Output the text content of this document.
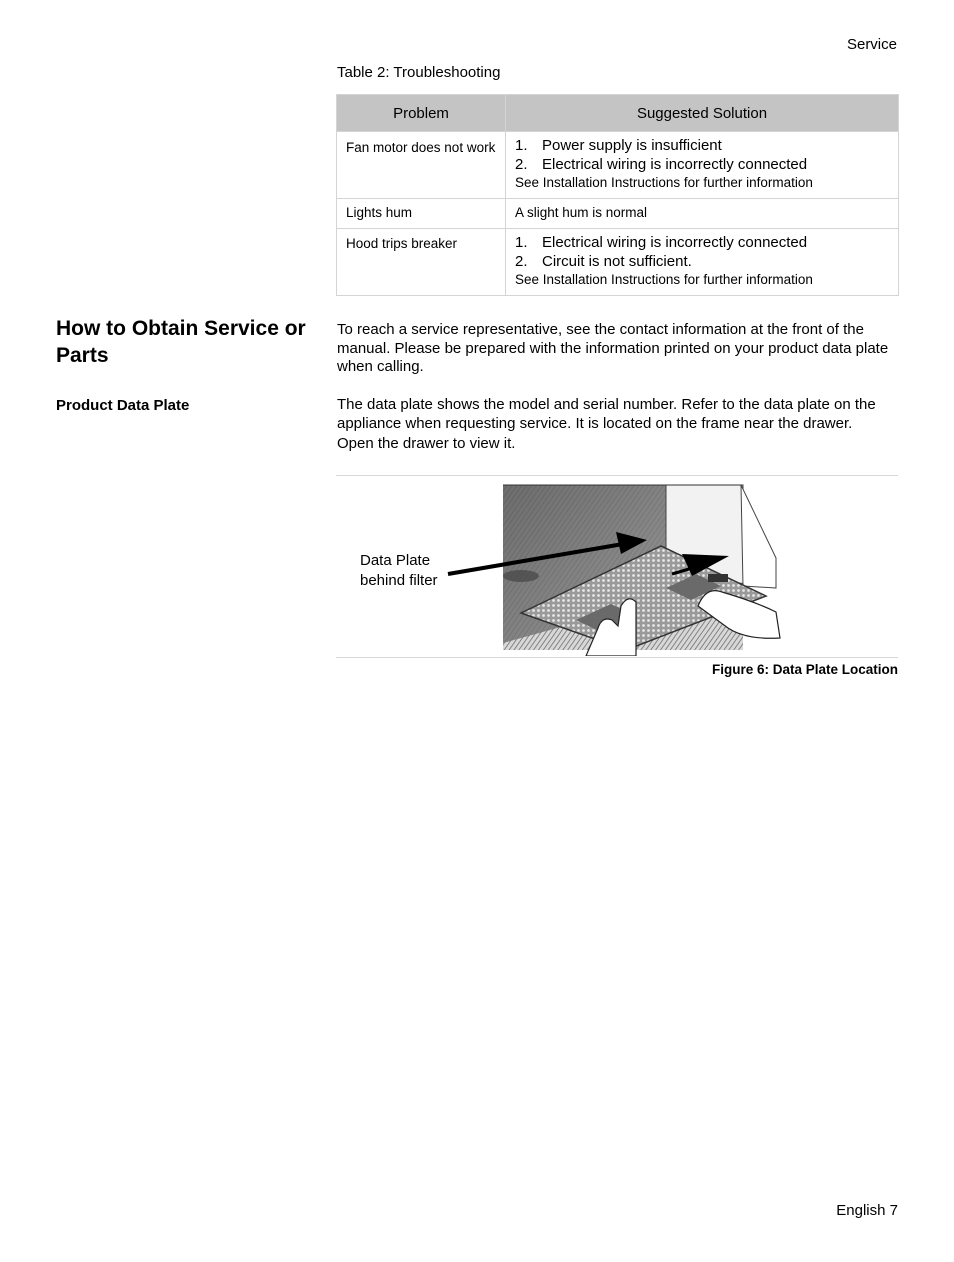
Service
Table 2: Troubleshooting
Problem	Suggested Solution
Fan motor does not work	1. Power supply is insufficient
2. Electrical wiring is incorrectly connected
See Installation Instructions for further information

Lights hum	A slight hum is normal
Hood trips breaker	1. Electrical wiring is incorrectly connected
2. Circuit is not sufficient.
See Installation Instructions for further information
How to Obtain Service or Parts

To reach a service representative, see the contact information at the front of the manual. Please be prepared with the information printed on your product data plate when calling.

Product Data Plate	The data plate shows the model and serial number. Refer to the data plate on the appliance when requesting service. It is located on the frame near the drawer.

Open the drawer to view it.

Data Plate
behind filter
Figure 6: Data Plate Location
English 7
